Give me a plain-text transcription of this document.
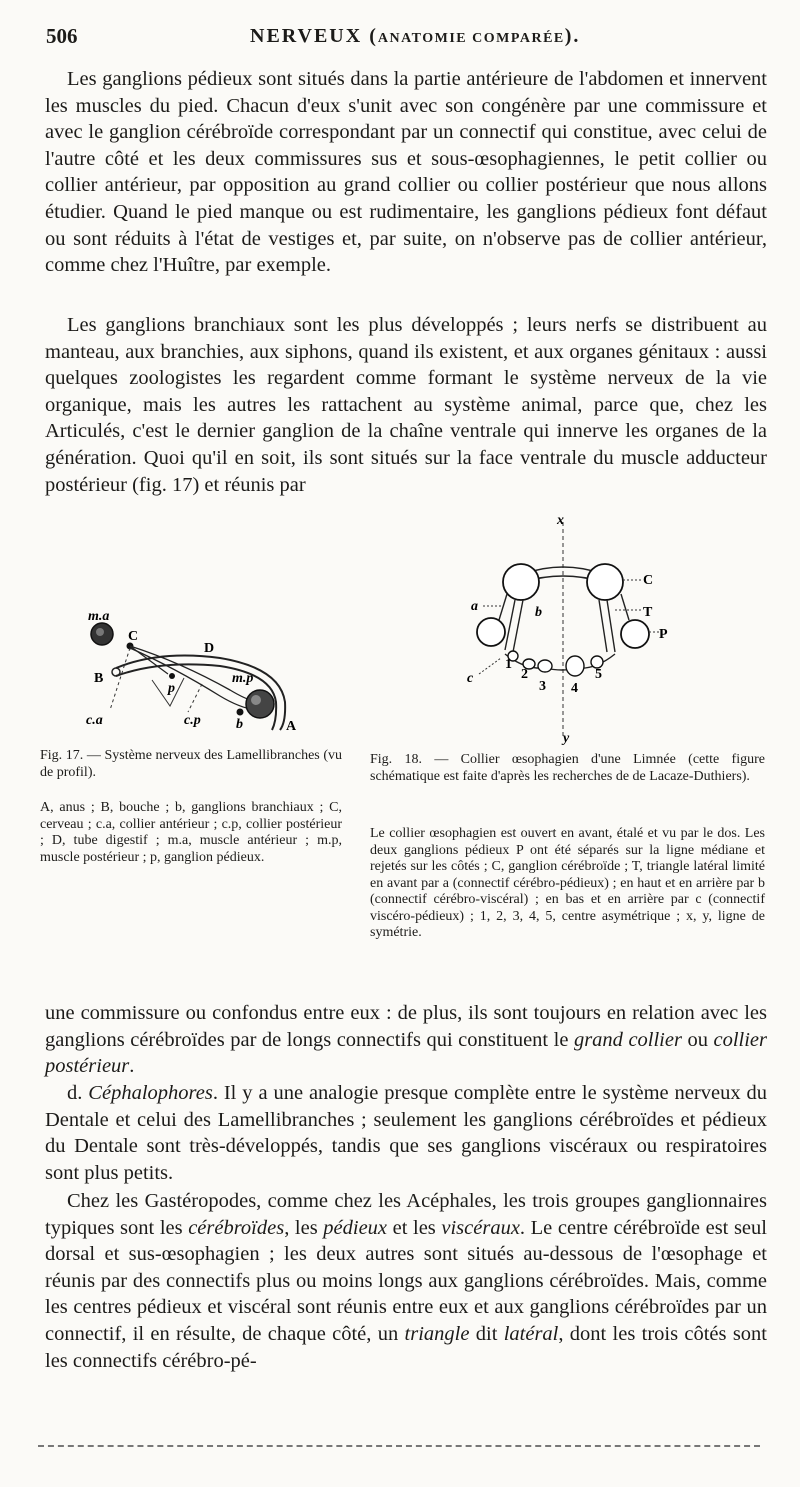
506	NERVEUX (ANATOMIE COMPARÉE).

Les ganglions pédieux sont situés dans la partie antérieure de l'abdomen et innervent les muscles du pied. Chacun d'eux s'unit avec son congénère par une commissure et avec le ganglion cérébroïde correspondant par un connectif qui constitue, avec celui de l'autre côté et les deux commissures sus et sous-œsophagiennes, le petit collier ou collier antérieur, par opposition au grand collier ou collier postérieur que nous allons étudier. Quand le pied manque ou est rudimentaire, les ganglions pédieux font défaut ou sont réduits à l'état de vestiges et, par suite, on n'observe pas de collier antérieur, comme chez l'Huître, par exemple.

Les ganglions branchiaux sont les plus développés ; leurs nerfs se distribuent au manteau, aux branchies, aux siphons, quand ils existent, et aux organes génitaux : aussi quelques zoologistes les regardent comme formant le système nerveux de la vie organique, mais les autres les rattachent au système animal, parce que, chez les Articulés, c'est le dernier ganglion de la chaîne ventrale qui innerve les organes de la génération. Quoi qu'il en soit, ils sont situés sur la face ventrale du muscle adducteur postérieur (fig. 17) et réunis par

m.a
C
D
B
p
m.p
c.a	c.p	b	A

Fig. 17. — Système nerveux des Lamellibranches (vu de profil).

A, anus ; B, bouche ; b, ganglions branchiaux ; C, cerveau ; c.a, collier antérieur ; c.p, collier postérieur ; D, tube digestif ; m.a, muscle antérieur ; m.p, muscle postérieur ; p, ganglion pédieux.

x
y
C
T
P
a	b
c
1
2
3 4
5

Fig. 18. — Collier œsophagien d'une Limnée (cette figure schématique est faite d'après les recherches de de Lacaze-Duthiers).

Le collier œsophagien est ouvert en avant, étalé et vu par le dos. Les deux ganglions pédieux P ont été séparés sur la ligne médiane et rejetés sur les côtés ; C, ganglion cérébroïde ; T, triangle latéral limité en avant par a (connectif cérébro-pédieux) ; en haut et en arrière par b (connectif cérébro-viscéral) ; en bas et en arrière par c (connectif viscéro-pédieux) ; 1, 2, 3, 4, 5, centre asymétrique ; x, y, ligne de symétrie.

une commissure ou confondus entre eux : de plus, ils sont toujours en relation avec les ganglions cérébroïdes par de longs connectifs qui constituent le grand collier ou collier postérieur.

d. Céphalophores. Il y a une analogie presque complète entre le système nerveux du Dentale et celui des Lamellibranches ; seulement les ganglions cérébroïdes et pédieux du Dentale sont très-développés, tandis que ses ganglions viscéraux ou respiratoires sont plus petits.

Chez les Gastéropodes, comme chez les Acéphales, les trois groupes ganglionnaires typiques sont les cérébroïdes, les pédieux et les viscéraux. Le centre cérébroïde est seul dorsal et sus-œsophagien ; les deux autres sont situés au-dessous de l'œsophage et réunis par des connectifs plus ou moins longs aux ganglions cérébroïdes. Mais, comme les centres pédieux et viscéral sont réunis entre eux et aux ganglions cérébroïdes par un connectif, il en résulte, de chaque côté, un triangle dit latéral, dont les trois côtés sont les connectifs cérébro-pé-
